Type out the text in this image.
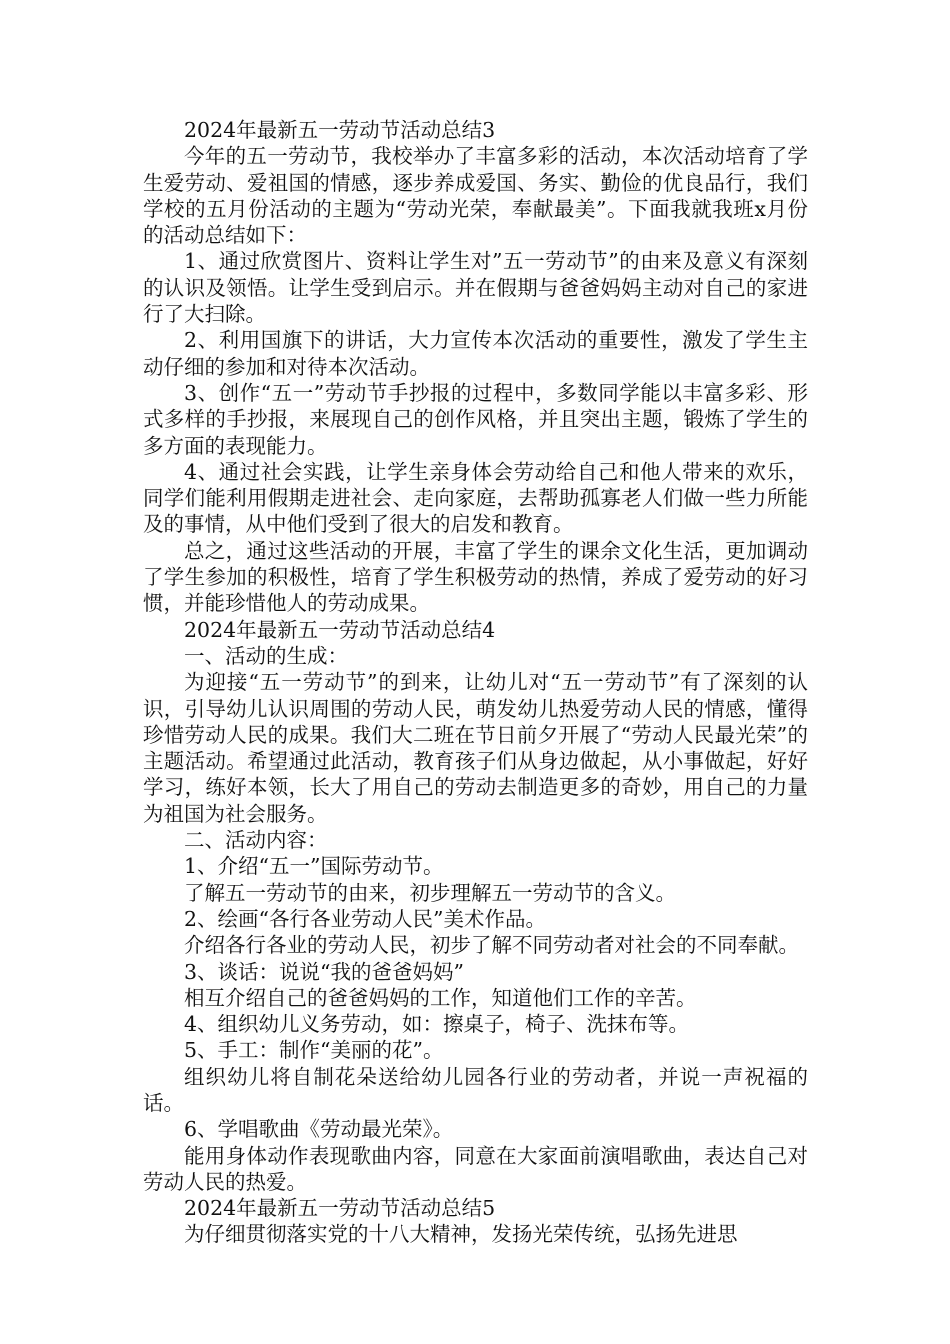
2024年最新五一劳动节活动总结3

今年的五一劳动节，我校举办了丰富多彩的活动，本次活动培育了学生爱劳动、爱祖国的情感，逐步养成爱国、务实、勤俭的优良品行，我们学校的五月份活动的主题为“劳动光荣，奉献最美”。下面我就我班x月份的活动总结如下：

1、通过欣赏图片、资料让学生对”五一劳动节”的由来及意义有深刻的认识及领悟。让学生受到启示。并在假期与爸爸妈妈主动对自己的家进行了大扫除。

2、利用国旗下的讲话，大力宣传本次活动的重要性，激发了学生主动仔细的参加和对待本次活动。

3、创作“五一”劳动节手抄报的过程中，多数同学能以丰富多彩、形式多样的手抄报，来展现自己的创作风格，并且突出主题，锻炼了学生的多方面的表现能力。

4、通过社会实践，让学生亲身体会劳动给自己和他人带来的欢乐，同学们能利用假期走进社会、走向家庭，去帮助孤寡老人们做一些力所能及的事情，从中他们受到了很大的启发和教育。

总之，通过这些活动的开展，丰富了学生的课余文化生活，更加调动了学生参加的积极性，培育了学生积极劳动的热情，养成了爱劳动的好习惯，并能珍惜他人的劳动成果。

2024年最新五一劳动节活动总结4

一、活动的生成：

为迎接“五一劳动节”的到来，让幼儿对“五一劳动节”有了深刻的认识，引导幼儿认识周围的劳动人民，萌发幼儿热爱劳动人民的情感，懂得珍惜劳动人民的成果。我们大二班在节日前夕开展了“劳动人民最光荣”的主题活动。希望通过此活动，教育孩子们从身边做起，从小事做起，好好学习，练好本领，长大了用自己的劳动去制造更多的奇妙，用自己的力量为祖国为社会服务。

二、活动内容：

1、介绍“五一”国际劳动节。

了解五一劳动节的由来，初步理解五一劳动节的含义。

2、绘画“各行各业劳动人民”美术作品。

介绍各行各业的劳动人民，初步了解不同劳动者对社会的不同奉献。

3、谈话：说说“我的爸爸妈妈”

相互介绍自己的爸爸妈妈的工作，知道他们工作的辛苦。

4、组织幼儿义务劳动，如：擦桌子，椅子、洗抹布等。

5、手工：制作“美丽的花”。

组织幼儿将自制花朵送给幼儿园各行业的劳动者，并说一声祝福的话。

6、学唱歌曲《劳动最光荣》。

能用身体动作表现歌曲内容，同意在大家面前演唱歌曲，表达自己对劳动人民的热爱。

2024年最新五一劳动节活动总结5

为仔细贯彻落实党的十八大精神，发扬光荣传统，弘扬先进思
